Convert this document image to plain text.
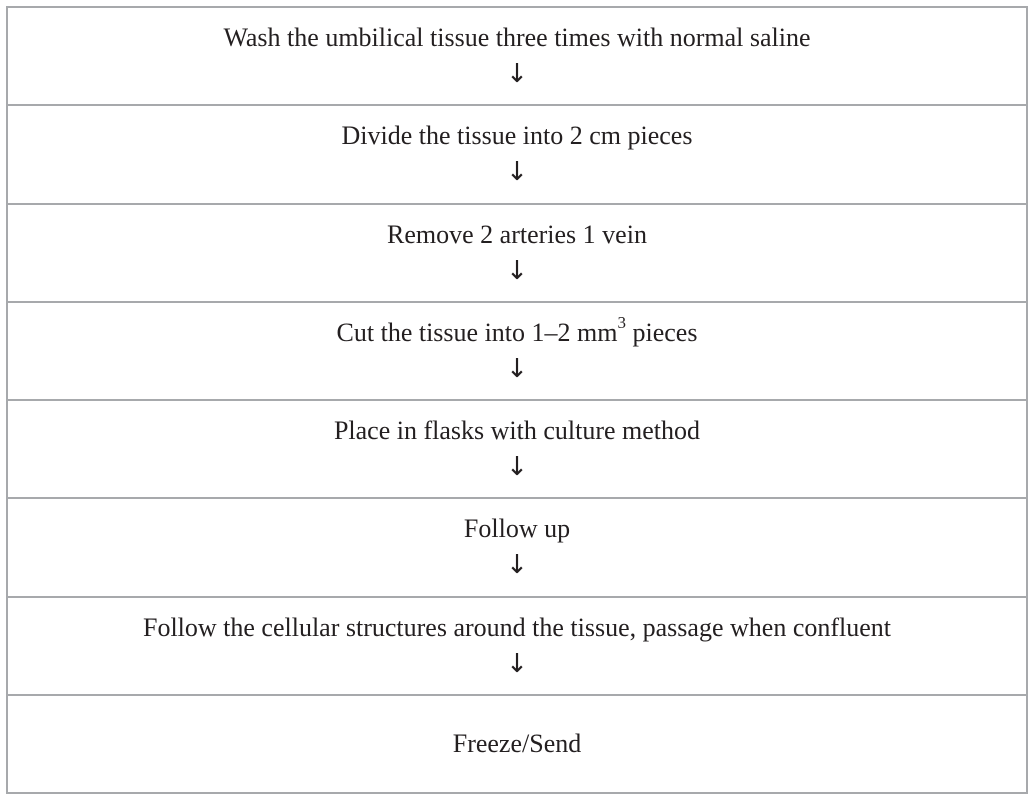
Wash the umbilical tissue three times with normal saline
↓
Divide the tissue into 2 cm pieces
↓
Remove 2 arteries 1 vein
↓
Cut the tissue into 1–2 $mm^3$ pieces
↓
Place in flasks with culture method
↓
Follow up
↓
Follow the cellular structures around the tissue, passage when confluent
↓
Freeze/Send
